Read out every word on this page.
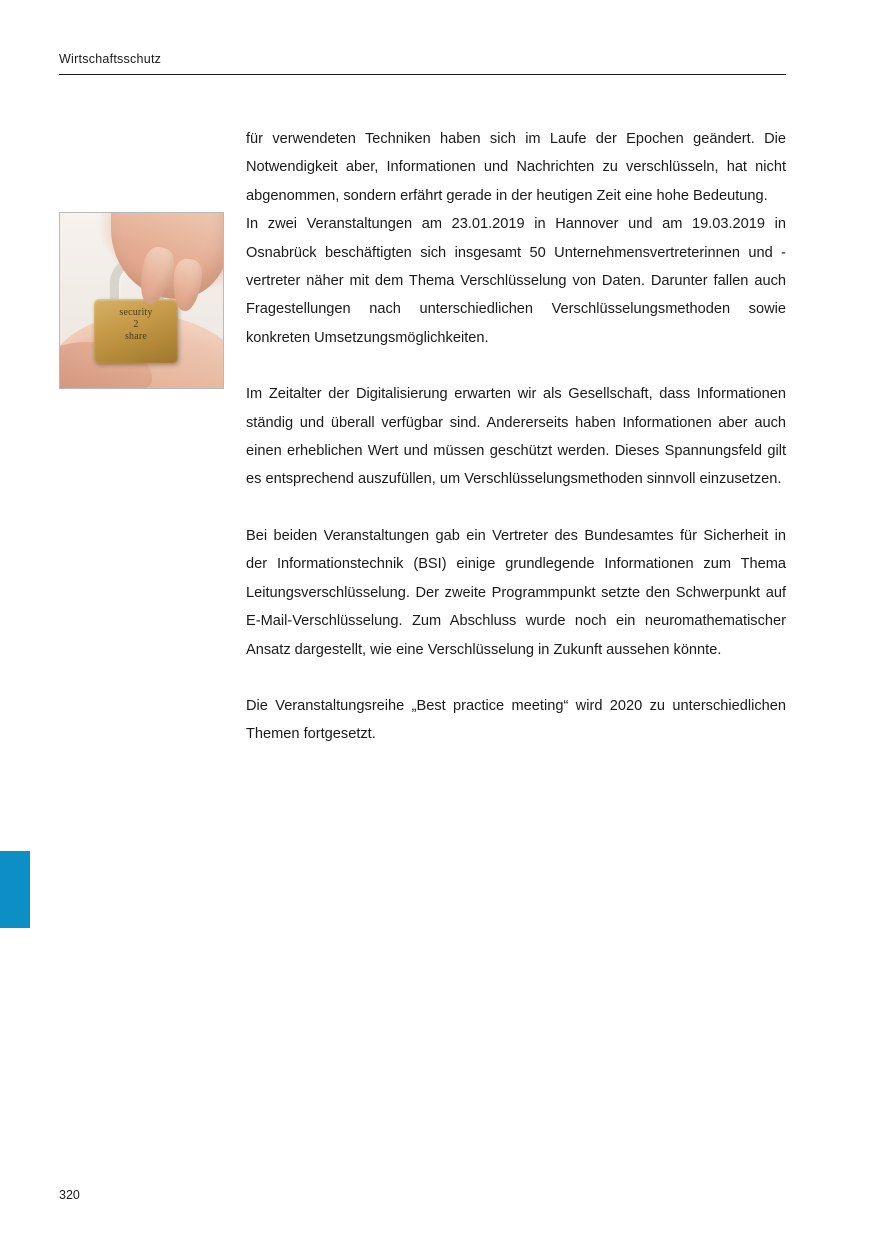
Wirtschaftsschutz
security
2
share

für verwendeten Techniken haben sich im Laufe der Epochen geändert. Die Notwendigkeit aber, Informationen und Nachrichten zu verschlüsseln, hat nicht abgenommen, sondern erfährt gerade in der heutigen Zeit eine hohe Bedeutung.

In zwei Veranstaltungen am 23.01.2019 in Hannover und am 19.03.2019 in Osnabrück beschäftigten sich insgesamt 50 Unternehmensvertreterinnen und -vertreter näher mit dem Thema Verschlüsselung von Daten. Darunter fallen auch Fragestellungen nach unterschiedlichen Verschlüsselungsmethoden sowie konkreten Umsetzungsmöglichkeiten.

Im Zeitalter der Digitalisierung erwarten wir als Gesellschaft, dass Informationen ständig und überall verfügbar sind. Andererseits haben Informationen aber auch einen erheblichen Wert und müssen geschützt werden. Dieses Spannungsfeld gilt es entsprechend auszufüllen, um Verschlüsselungsmethoden sinnvoll einzusetzen.

Bei beiden Veranstaltungen gab ein Vertreter des Bundesamtes für Sicherheit in der Informationstechnik (BSI) einige grundlegende Informationen zum Thema Leitungsverschlüsselung. Der zweite Programmpunkt setzte den Schwerpunkt auf E-Mail-Verschlüsselung. Zum Abschluss wurde noch ein neuromathematischer Ansatz dargestellt, wie eine Verschlüsselung in Zukunft aussehen könnte.

Die Veranstaltungsreihe „Best practice meeting“ wird 2020 zu unterschiedlichen Themen fortgesetzt.

320
